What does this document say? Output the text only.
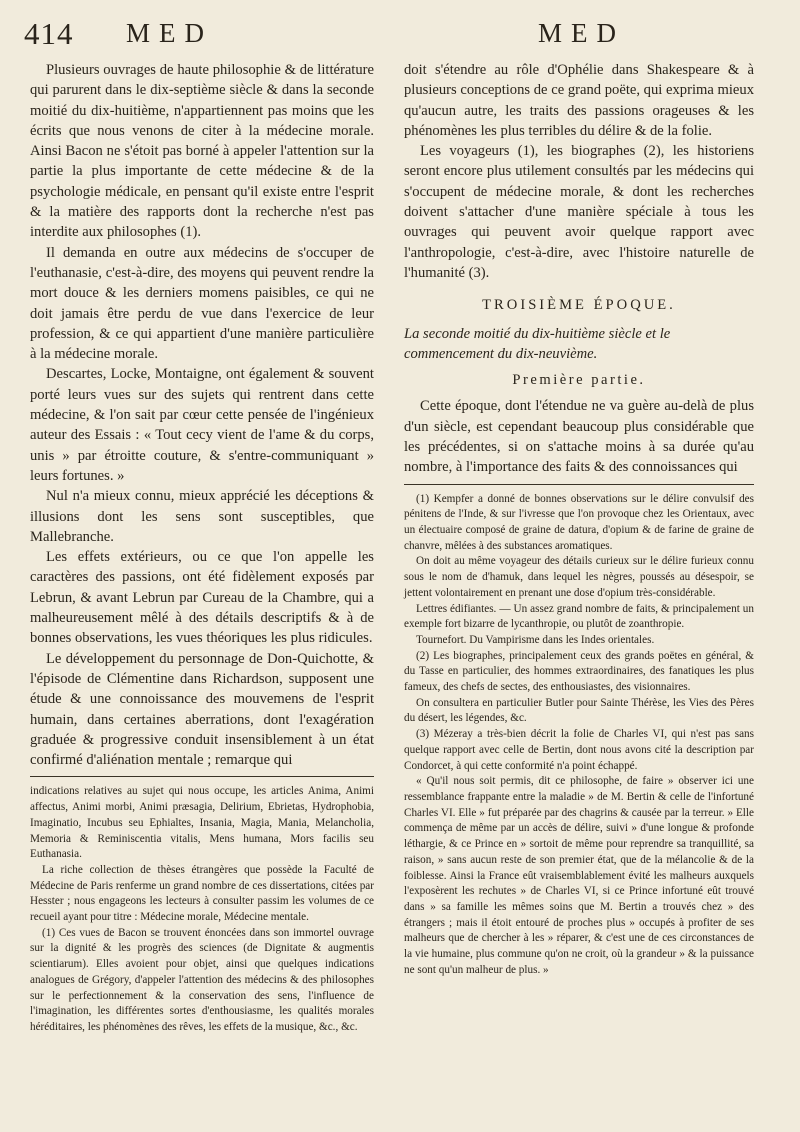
414 MED	MED

Plusieurs ouvrages de haute philosophie & de littérature qui parurent dans le dix-septième siècle & dans la seconde moitié du dix-huitième, n'appartiennent pas moins que les écrits que nous venons de citer à la médecine morale. Ainsi Bacon ne s'étoit pas borné à appeler l'attention sur la partie la plus importante de cette médecine & de la psychologie médicale, en pensant qu'il existe entre l'esprit & la matière des rapports dont la recherche n'est pas interdite aux philosophes (1).

Il demanda en outre aux médecins de s'occuper de l'euthanasie, c'est-à-dire, des moyens qui peuvent rendre la mort douce & les derniers momens paisibles, ce qui ne doit jamais être perdu de vue dans l'exercice de leur profession, & ce qui appartient d'une manière particulière à la médecine morale.

Descartes, Locke, Montaigne, ont également & souvent porté leurs vues sur des sujets qui rentrent dans cette médecine, & l'on sait par cœur cette pensée de l'ingénieux auteur des Essais : « Tout cecy vient de l'ame & du corps, unis » par étroitte couture, & s'entre-communiquant » leurs fortunes. »

Nul n'a mieux connu, mieux apprécié les déceptions & illusions dont les sens sont susceptibles, que Mallebranche.

Les effets extérieurs, ou ce que l'on appelle les caractères des passions, ont été fidèlement exposés par Lebrun, & avant Lebrun par Cureau de la Chambre, qui a malheureusement mêlé à des détails descriptifs & à de bonnes observations, les vues théoriques les plus ridicules.

Le développement du personnage de Don-Quichotte, & l'épisode de Clémentine dans Richardson, supposent une étude & une connoissance des mouvemens de l'esprit humain, dans certaines aberrations, dont l'exagération graduée & progressive conduit insensiblement à un état confirmé d'aliénation mentale ; remarque qui

indications relatives au sujet qui nous occupe, les articles Anima, Animi affectus, Animi morbi, Animi præsagia, Delirium, Ebrietas, Hydrophobia, Imaginatio, Incubus seu Ephialtes, Insania, Magia, Mania, Melancholia, Memoria & Reminiscentia vitalis, Mens humana, Mors facilis seu Euthanasia.

La riche collection de thèses étrangères que possède la Faculté de Médecine de Paris renferme un grand nombre de ces dissertations, citées par Hesster ; nous engageons les lecteurs à consulter passim les volumes de ce recueil ayant pour titre : Médecine morale, Médecine mentale.

(1) Ces vues de Bacon se trouvent énoncées dans son immortel ouvrage sur la dignité & les progrès des sciences (de Dignitate & augmentis scientiarum). Elles avoient pour objet, ainsi que quelques indications analogues de Grégory, d'appeler l'attention des médecins & des philosophes sur le perfectionnement & la conservation des sens, l'influence de l'imagination, les différentes sortes d'enthousiasme, les qualités morales héréditaires, les phénomènes des rêves, les effets de la musique, &c., &c.

doit s'étendre au rôle d'Ophélie dans Shakespeare & à plusieurs conceptions de ce grand poëte, qui exprima mieux qu'aucun autre, les traits des passions orageuses & les phénomènes les plus terribles du délire & de la folie.

Les voyageurs (1), les biographes (2), les historiens seront encore plus utilement consultés par les médecins qui s'occupent de médecine morale, & dont les recherches doivent s'attacher d'une manière spéciale à tous les ouvrages qui peuvent avoir quelque rapport avec l'anthropologie, c'est-à-dire, avec l'histoire naturelle de l'humanité (3).

TROISIÈME ÉPOQUE.

La seconde moitié du dix-huitième siècle et le commencement du dix-neuvième.

Première partie.

Cette époque, dont l'étendue ne va guère au-delà de plus d'un siècle, est cependant beaucoup plus considérable que les précédentes, si on s'attache moins à sa durée qu'au nombre, à l'importance des faits & des connoissances qui

(1) Kempfer a donné de bonnes observations sur le délire convulsif des pénitens de l'Inde, & sur l'ivresse que l'on provoque chez les Orientaux, avec un électuaire composé de graine de datura, d'opium & de farine de graine de chanvre, mêlées à des substances aromatiques.

On doit au même voyageur des détails curieux sur le délire furieux connu sous le nom de d'hamuk, dans lequel les nègres, poussés au désespoir, se jettent volontairement en prenant une dose d'opium très-considérable.

Lettres édifiantes. — Un assez grand nombre de faits, & principalement un exemple fort bizarre de lycanthropie, ou plutôt de zoanthropie.

Tournefort. Du Vampirisme dans les Indes orientales.

(2) Les biographes, principalement ceux des grands poëtes en général, & du Tasse en particulier, des hommes extraordinaires, des fanatiques les plus fameux, des chefs de sectes, des enthousiastes, des visionnaires.

On consultera en particulier Butler pour Sainte Thérèse, les Vies des Pères du désert, les légendes, &c.

(3) Mézeray a très-bien décrit la folie de Charles VI, qui n'est pas sans quelque rapport avec celle de Bertin, dont nous avons cité la description par Condorcet, à qui cette conformité n'a point échappé.

« Qu'il nous soit permis, dit ce philosophe, de faire » observer ici une ressemblance frappante entre la maladie » de M. Bertin & celle de l'infortuné Charles VI. Elle » fut préparée par des chagrins & causée par la terreur. » Elle commença de même par un accès de délire, suivi » d'une longue & profonde léthargie, & ce Prince en » sortoit de même pour reprendre sa tranquillité, sa raison, » sans aucun reste de son premier état, que de la mélancolie & de la foiblesse. Ainsi la France eût vraisemblablement évité les malheurs auxquels l'exposèrent les rechutes » de Charles VI, si ce Prince infortuné eût trouvé dans » sa famille les mêmes soins que M. Bertin a trouvés chez » des étrangers ; mais il étoit entouré de proches plus » occupés à profiter de ses malheurs que de chercher à les » réparer, & c'est une de ces circonstances de la vie humaine, plus commune qu'on ne croit, où la grandeur » & la puissance ne sont qu'un malheur de plus. »
